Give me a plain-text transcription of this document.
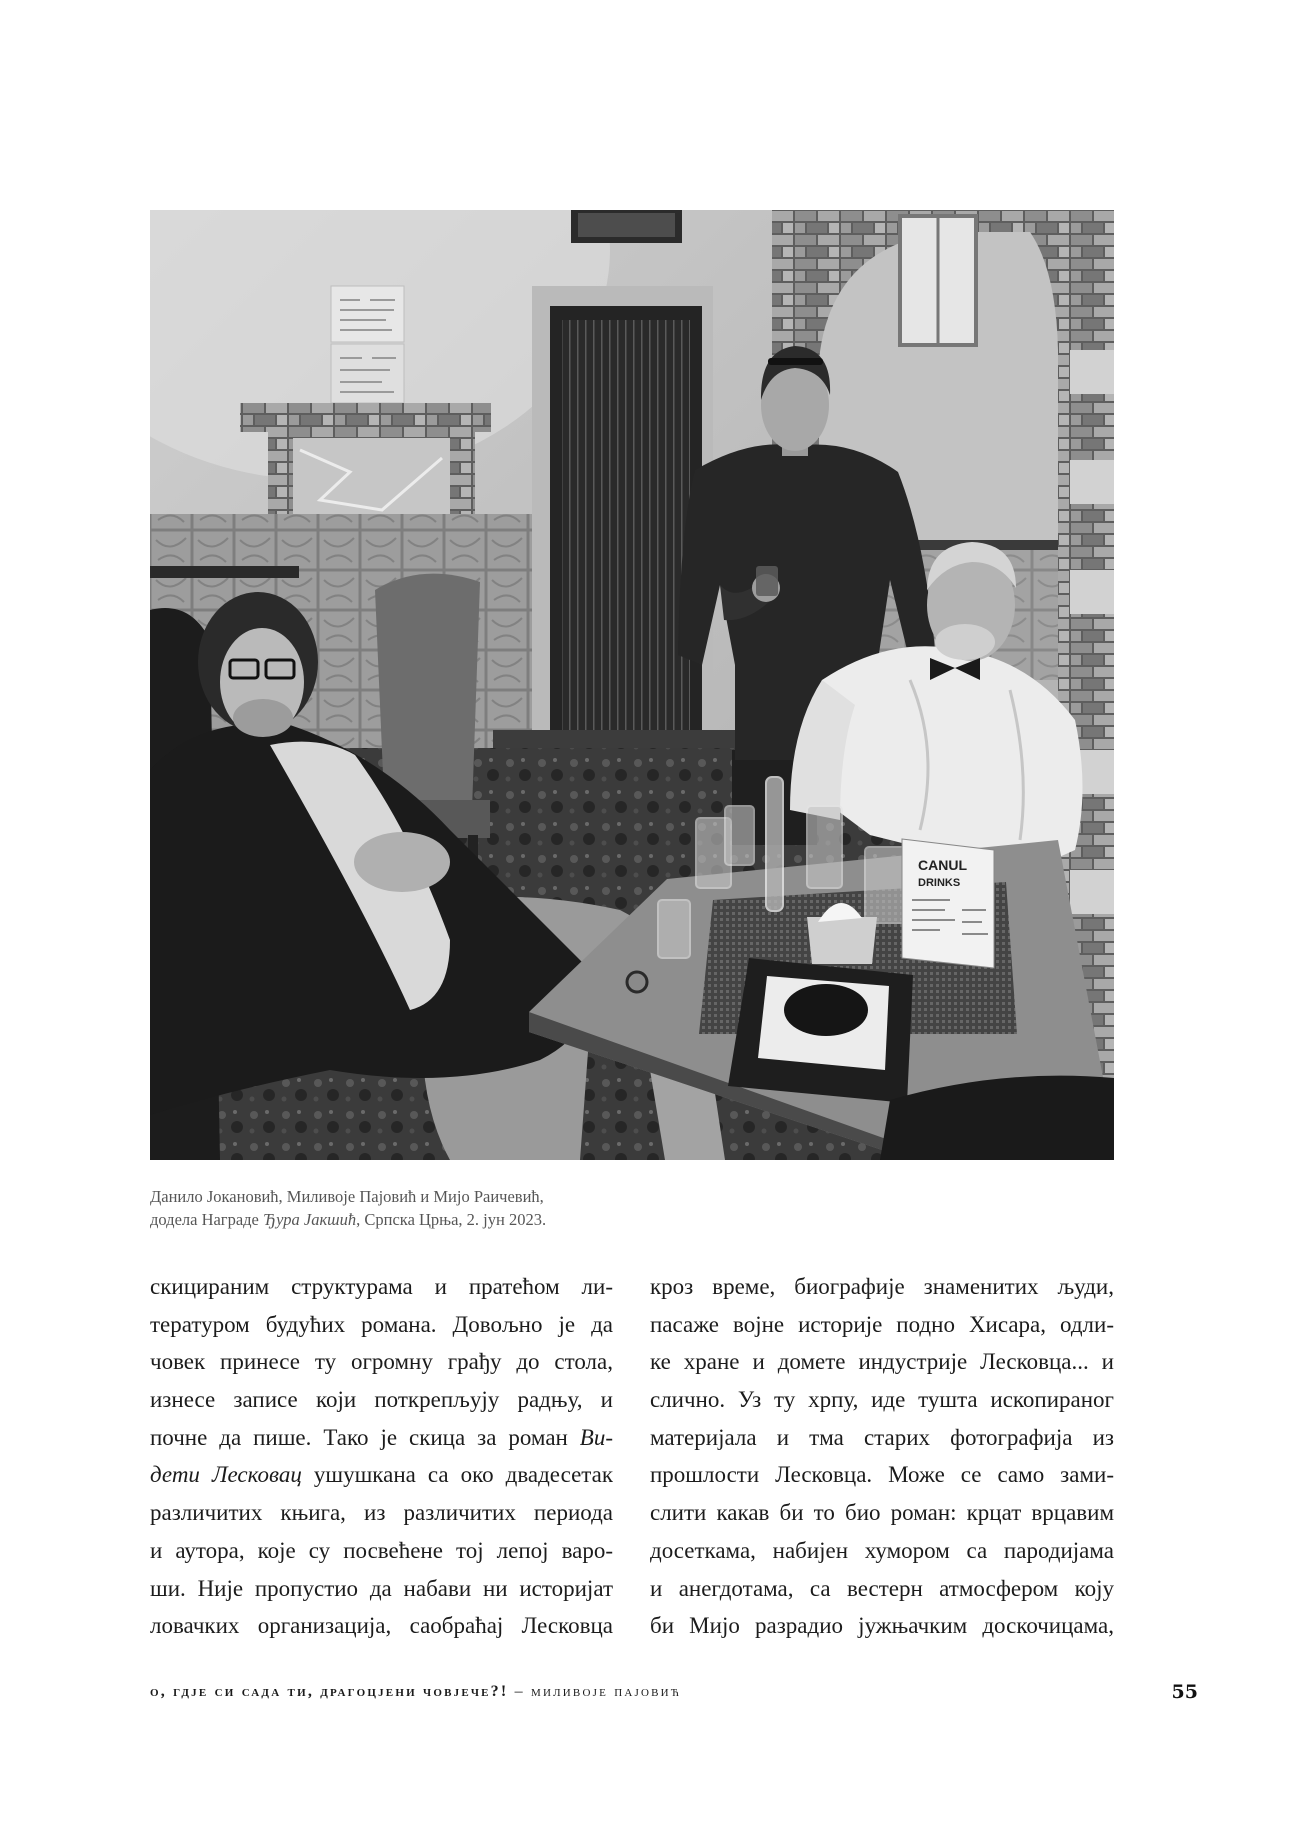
CANUL
DRINKS
Данило Јокановић, Миливоје Пајовић и Мијо Раичевић,
додела Награде Ђура Јакшић, Српска Црња, 2. јун 2023.
скицираним структурама и пратећом ли-
тературом будућих романа. Довољно је да
човек принесе ту огромну грађу до стола,
изнесе записе који поткрепљују радњу, и
почне да пише. Тако је скица за роман Ви-
дети Лесковац ушушкана са око двадесетак
различитих књига, из различитих периода
и аутора, које су посвећене тој лепој варо-
ши. Није пропустио да набави ни историјат
ловачких организација, саобраћај Лесковца
кроз време, биографије знаменитих људи,
пасаже војне историје подно Хисара, одли-
ке хране и домете индустрије Лесковца... и
слично. Уз ту хрпу, иде тушта ископираног
материјала и тма старих фотографија из
прошлости Лесковца. Може се само зами-
слити какав би то био роман: крцат врцавим
досеткама, набијен хумором са пародијама
и анегдотама, са вестерн атмосфером коју
би Мијо разрадио јужњачким доскочицама,
о, гдје си сада ти, драгоцјени човјече?! – миливоје пајовић	55
